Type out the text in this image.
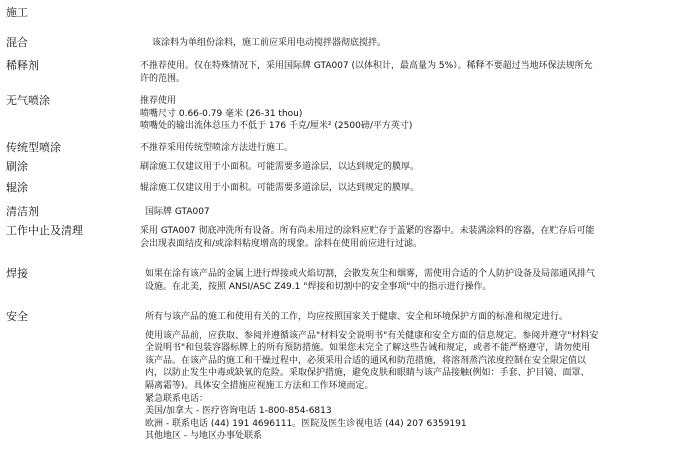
施工
混合	该涂料为单组份涂料，施工前应采用电动搅拌器彻底搅拌。
稀释剂	不推荐使用。仅在特殊情况下，采用国际牌 GTA007 (以体积计，最高量为 5%）。稀释不要超过当地环保法规所允
许的范围。
无气喷涂	推荐使用
喷嘴尺寸 0.66-0.79 毫米 (26-31 thou)
喷嘴处的输出流体总压力不低于 176 千克/厘米² (2500磅/平方英寸)
传统型喷涂	不推荐采用传统型喷涂方法进行施工。
刷涂	刷涂施工仅建议用于小面积。可能需要多道涂层，以达到规定的膜厚。
辊涂	辊涂施工仅建议用于小面积。可能需要多道涂层，以达到规定的膜厚。
清洁剂	国际牌 GTA007
工作中止及清理	采用 GTA007 彻底冲洗所有设备。所有尚未用过的涂料应贮存于盖紧的容器中。未装满涂料的容器，在贮存后可能
会出现表面结皮和/或涂料粘度增高的现象。涂料在使用前应进行过滤。
焊接	如果在涂有该产品的金属上进行焊接或火焰切割，会散发灰尘和烟雾，需使用合适的个人防护设备及局部通风排气
设施。在北美，按照 ANSI/ASC Z49.1 "焊接和切割中的安全事项"中的指示进行操作。
安全	所有与该产品的施工和使用有关的工作，均应按照国家关于健康、安全和环境保护方面的标准和规定进行。
使用该产品前，应获取、参阅并遵循该产品"材料安全说明书"有关健康和安全方面的信息规定。参阅并遵守"材料安
全说明书"和包装容器标牌上的所有预防措施。如果您未完全了解这些告诫和规定，或者不能严格遵守，请勿使用
该产品。在该产品的施工和干燥过程中，必须采用合适的通风和防范措施，将溶剂蒸汽浓度控制在安全限定值以
内，以防止发生中毒或缺氧的危险。采取保护措施，避免皮肤和眼睛与该产品接触(例如：手套、护目镜、面罩、
隔离霜等)。具体安全措施应视施工方法和工作环境而定。
紧急联系电话：
美国/加拿大 - 医疗咨询电话 1-800-854-6813
欧洲 - 联系电话 (44) 191 4696111。医院及医生诊视电话 (44) 207 6359191
其他地区 - 与地区办事处联系
